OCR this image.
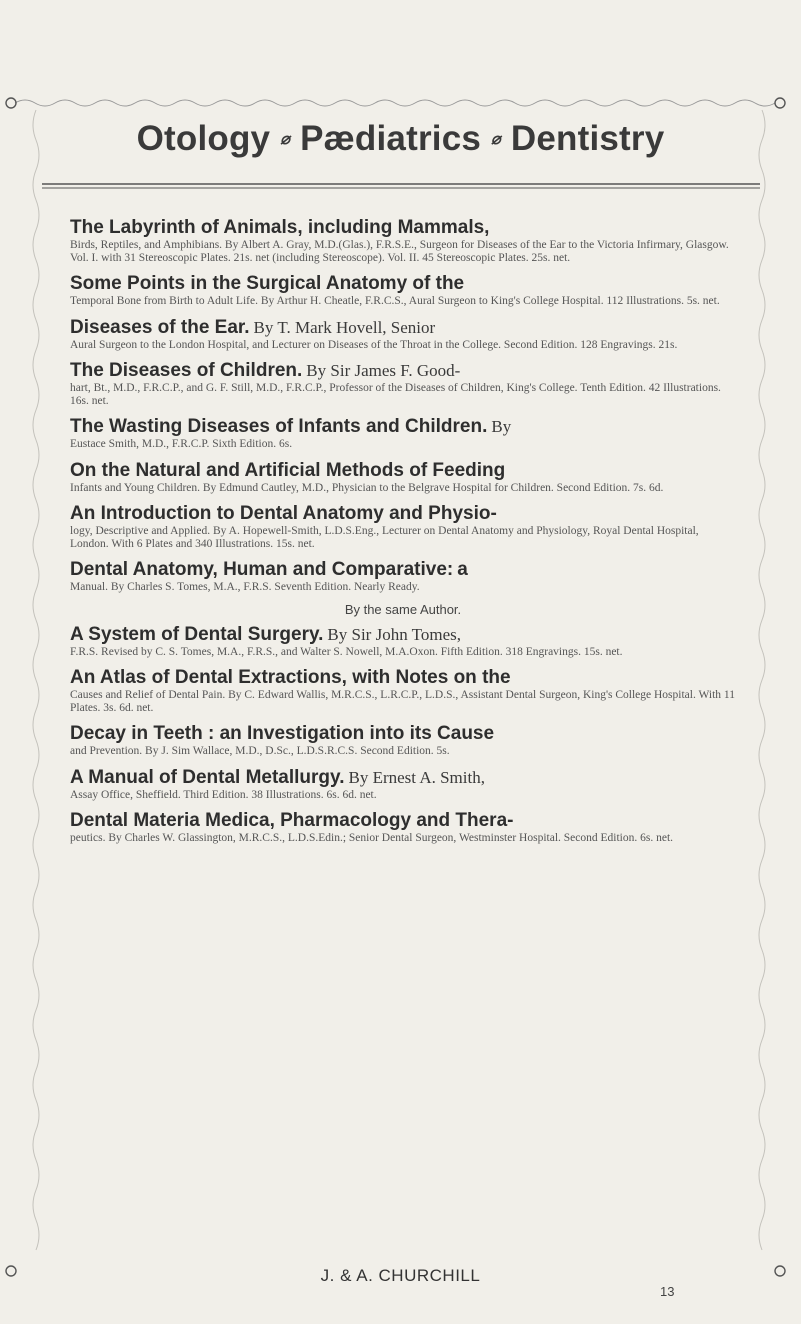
Otology ⌀ Pædiatrics ⌀ Dentistry
The Labyrinth of Animals, including Mammals,
Birds, Reptiles, and Amphibians. By Albert A. Gray, M.D.(Glas.), F.R.S.E., Surgeon for Diseases of the Ear to the Victoria Infirmary, Glasgow. Vol. I. with 31 Stereoscopic Plates. 21s. net (including Stereoscope). Vol. II. 45 Stereoscopic Plates. 25s. net.
Some Points in the Surgical Anatomy of the
Temporal Bone from Birth to Adult Life. By Arthur H. Cheatle, F.R.C.S., Aural Surgeon to King's College Hospital. 112 Illustrations. 5s. net.
Diseases of the Ear. By T. Mark Hovell, Senior
Aural Surgeon to the London Hospital, and Lecturer on Diseases of the Throat in the College. Second Edition. 128 Engravings. 21s.
The Diseases of Children. By Sir James F. Good-
hart, Bt., M.D., F.R.C.P., and G. F. Still, M.D., F.R.C.P., Professor of the Diseases of Children, King's College. Tenth Edition. 42 Illustrations. 16s. net.
The Wasting Diseases of Infants and Children. By
Eustace Smith, M.D., F.R.C.P. Sixth Edition. 6s.
On the Natural and Artificial Methods of Feeding
Infants and Young Children. By Edmund Cautley, M.D., Physician to the Belgrave Hospital for Children. Second Edition. 7s. 6d.
An Introduction to Dental Anatomy and Physio-
logy, Descriptive and Applied. By A. Hopewell-Smith, L.D.S.Eng., Lecturer on Dental Anatomy and Physiology, Royal Dental Hospital, London. With 6 Plates and 340 Illustrations. 15s. net.
Dental Anatomy, Human and Comparative: a
Manual. By Charles S. Tomes, M.A., F.R.S. Seventh Edition. Nearly Ready.
By the same Author.
A System of Dental Surgery. By Sir John Tomes,
F.R.S. Revised by C. S. Tomes, M.A., F.R.S., and Walter S. Nowell, M.A.Oxon. Fifth Edition. 318 Engravings. 15s. net.
An Atlas of Dental Extractions, with Notes on the
Causes and Relief of Dental Pain. By C. Edward Wallis, M.R.C.S., L.R.C.P., L.D.S., Assistant Dental Surgeon, King's College Hospital. With 11 Plates. 3s. 6d. net.
Decay in Teeth : an Investigation into its Cause
and Prevention. By J. Sim Wallace, M.D., D.Sc., L.D.S.R.C.S. Second Edition. 5s.
A Manual of Dental Metallurgy. By Ernest A. Smith,
Assay Office, Sheffield. Third Edition. 38 Illustrations. 6s. 6d. net.
Dental Materia Medica, Pharmacology and Thera-
peutics. By Charles W. Glassington, M.R.C.S., L.D.S.Edin.; Senior Dental Surgeon, Westminster Hospital. Second Edition. 6s. net.
J. & A. CHURCHILL
13
